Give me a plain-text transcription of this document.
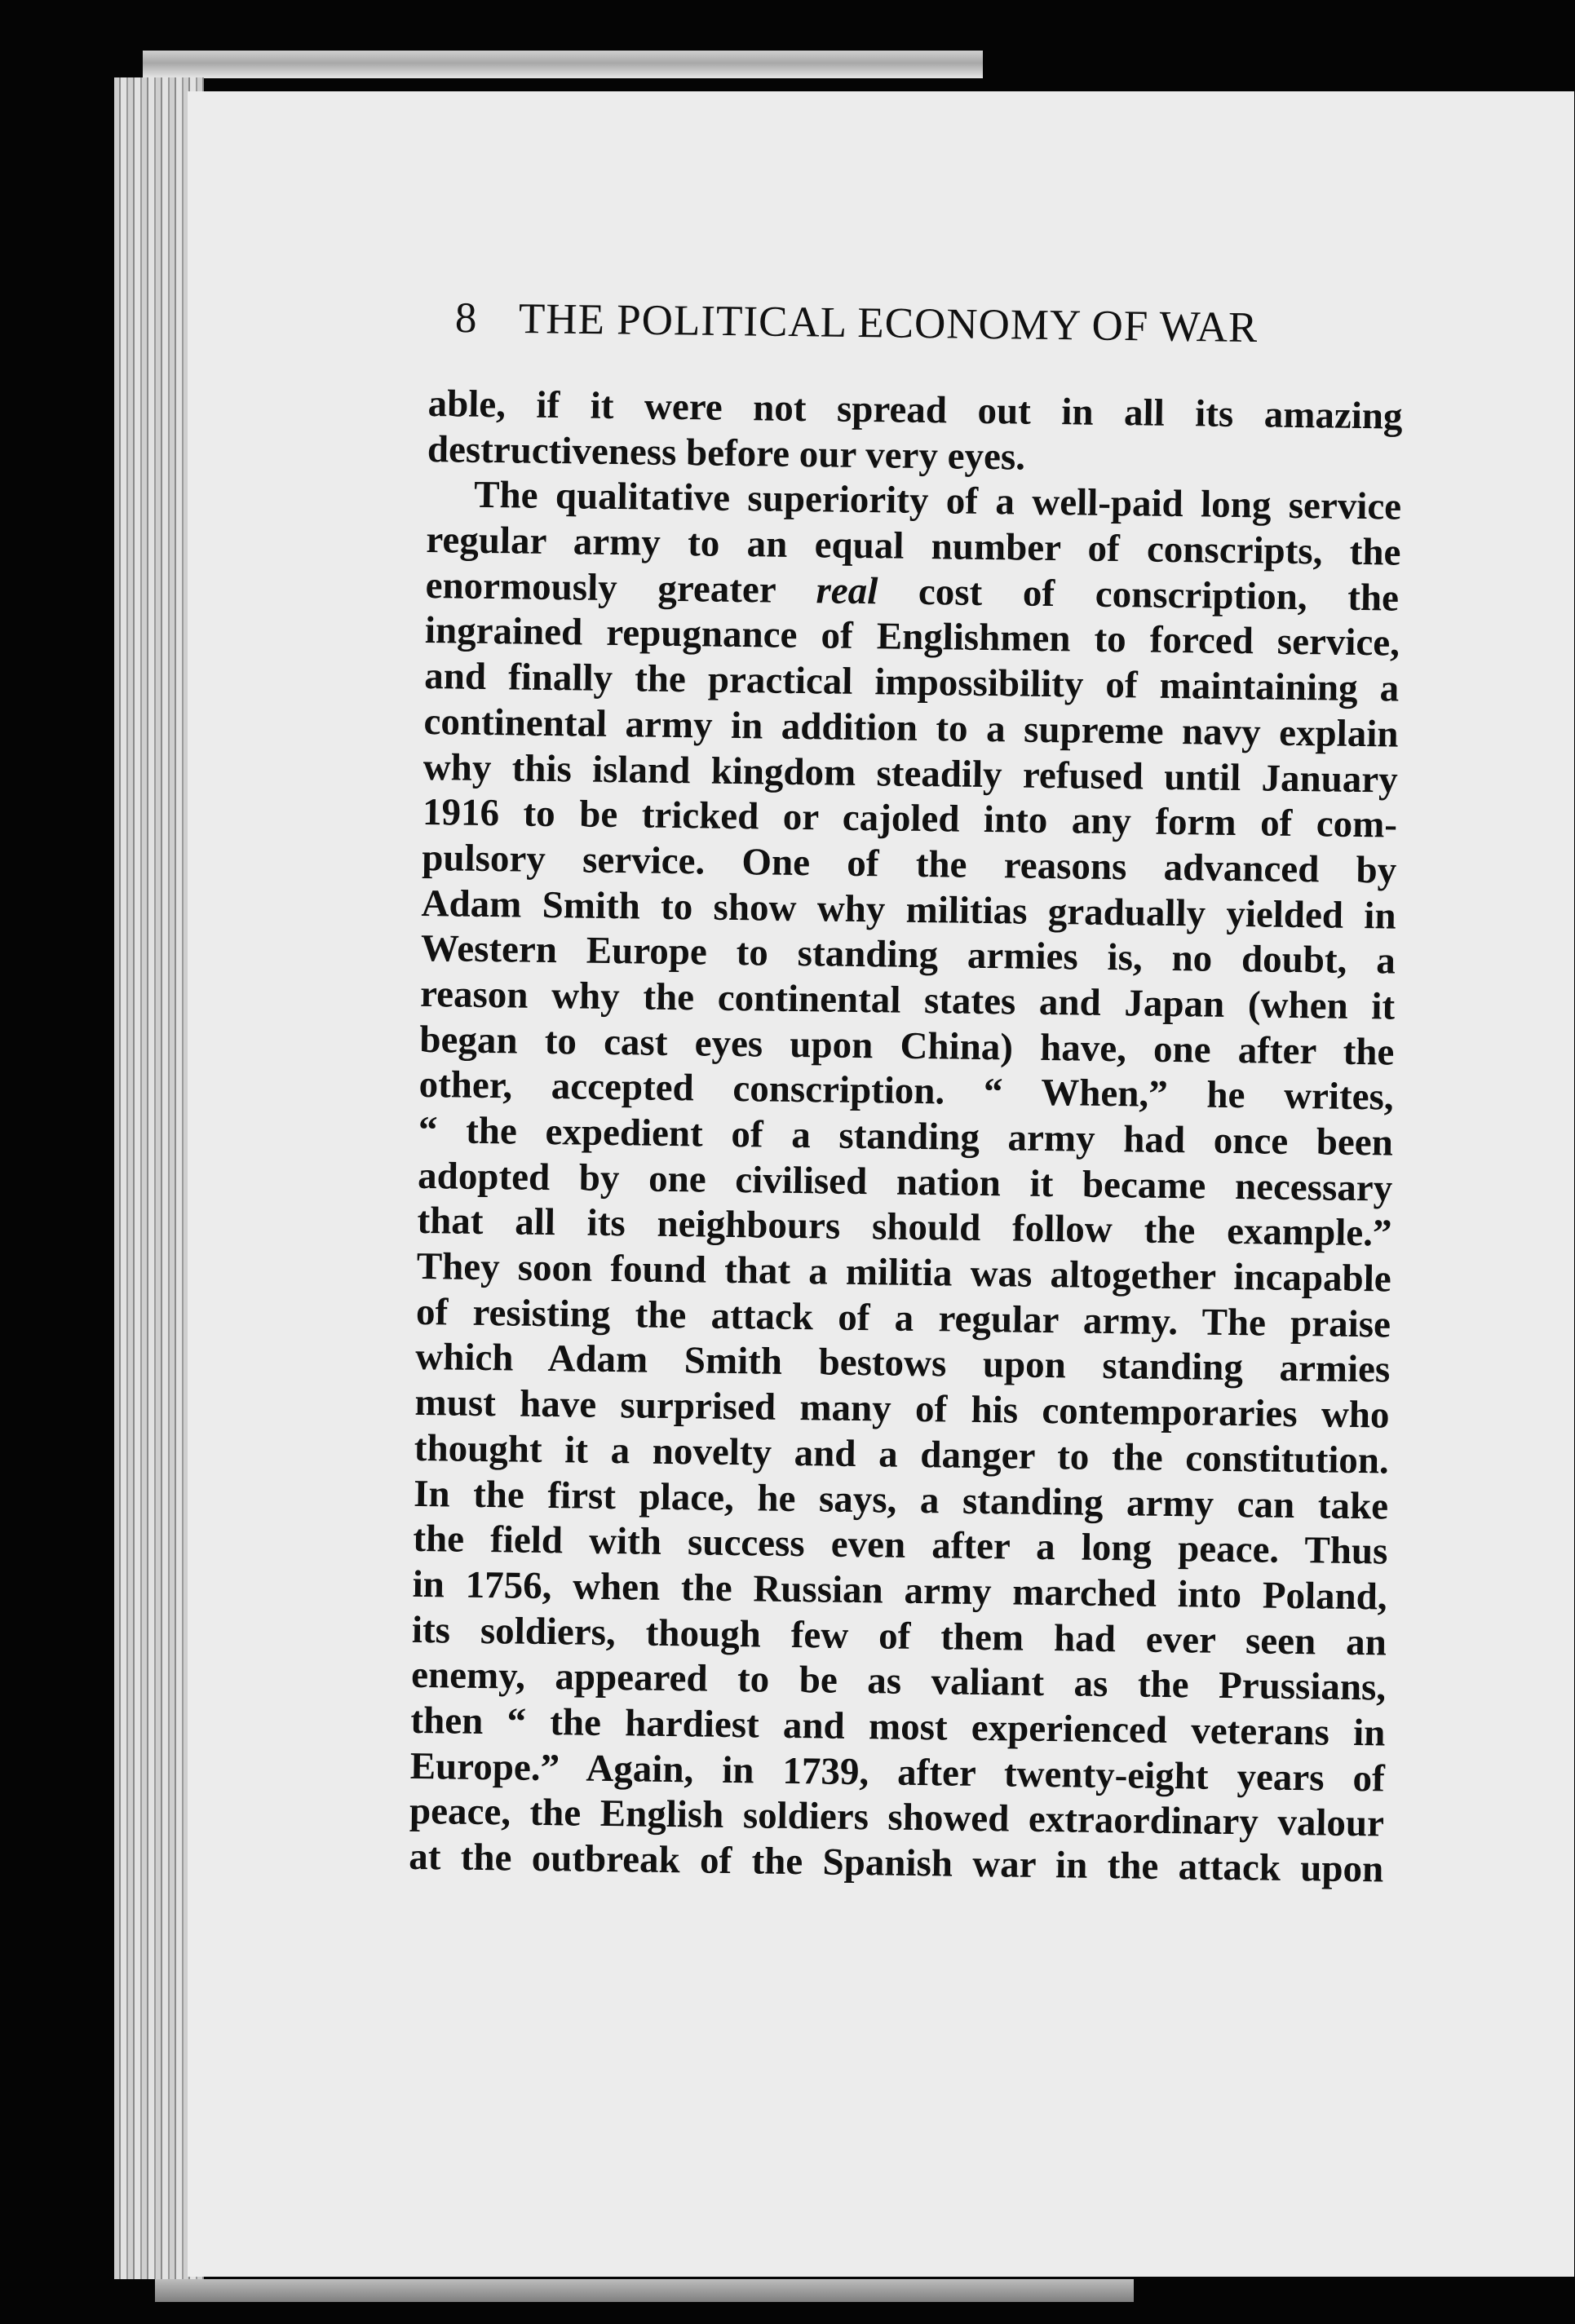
8 THE POLITICAL ECONOMY OF WAR
able, if it were not spread out in all its amazing
destructiveness before our very eyes.
The qualitative superiority of a well-paid long service
regular army to an equal number of conscripts, the
enormously greater real cost of conscription, the
ingrained repugnance of Englishmen to forced service,
and finally the practical impossibility of maintaining a
continental army in addition to a supreme navy explain
why this island kingdom steadily refused until January
1916 to be tricked or cajoled into any form of com-
pulsory service. One of the reasons advanced by
Adam Smith to show why militias gradually yielded in
Western Europe to standing armies is, no doubt, a
reason why the continental states and Japan (when it
began to cast eyes upon China) have, one after the
other, accepted conscription. “ When,” he writes,
“ the expedient of a standing army had once been
adopted by one civilised nation it became necessary
that all its neighbours should follow the example.”
They soon found that a militia was altogether incapable
of resisting the attack of a regular army. The praise
which Adam Smith bestows upon standing armies
must have surprised many of his contemporaries who
thought it a novelty and a danger to the constitution.
In the first place, he says, a standing army can take
the field with success even after a long peace. Thus
in 1756, when the Russian army marched into Poland,
its soldiers, though few of them had ever seen an
enemy, appeared to be as valiant as the Prussians,
then “ the hardiest and most experienced veterans in
Europe.” Again, in 1739, after twenty-eight years of
peace, the English soldiers showed extraordinary valour
at the outbreak of the Spanish war in the attack upon
